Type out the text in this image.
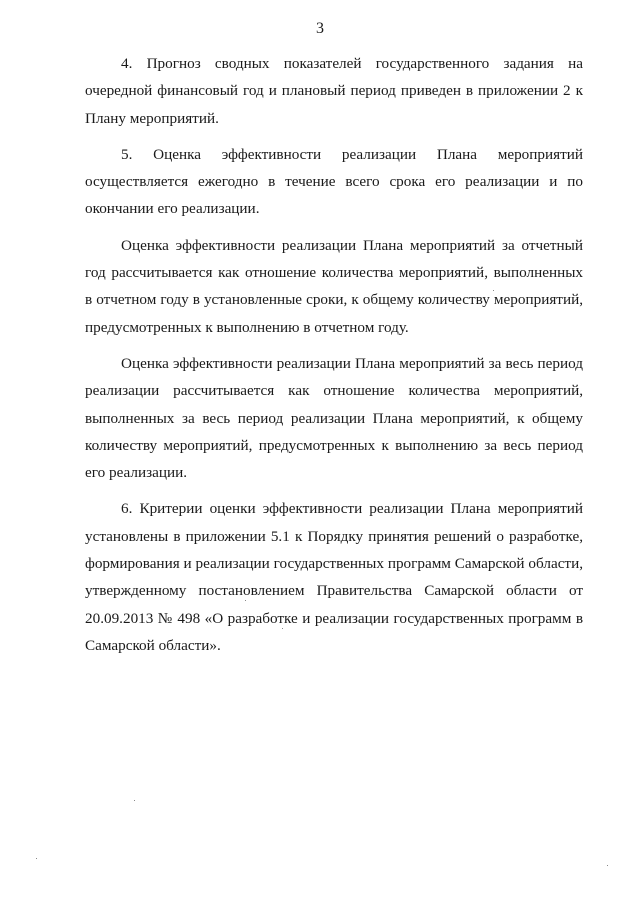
3

4. Прогноз сводных показателей государственного задания на очередной финансовый год и плановый период приведен в приложении 2 к Плану мероприятий.

5. Оценка эффективности реализации Плана мероприятий осуществляется ежегодно в течение всего срока его реализации и по окончании его реализации.

Оценка эффективности реализации Плана мероприятий за отчетный год рассчитывается как отношение количества мероприятий, выполненных в отчетном году в установленные сроки, к общему количеству мероприятий, предусмотренных к выполнению в отчетном году.

Оценка эффективности реализации Плана мероприятий за весь период реализации рассчитывается как отношение количества мероприятий, выполненных за весь период реализации Плана мероприятий, к общему количеству мероприятий, предусмотренных к выполнению за весь период его реализации.

6. Критерии оценки эффективности реализации Плана мероприятий установлены в приложении 5.1 к Порядку принятия решений о разработке, формирования и реализации государственных программ Самарской области, утвержденному постановлением Правительства Самарской области от 20.09.2013 № 498 «О разработке и реализации государственных программ в Самарской области».
